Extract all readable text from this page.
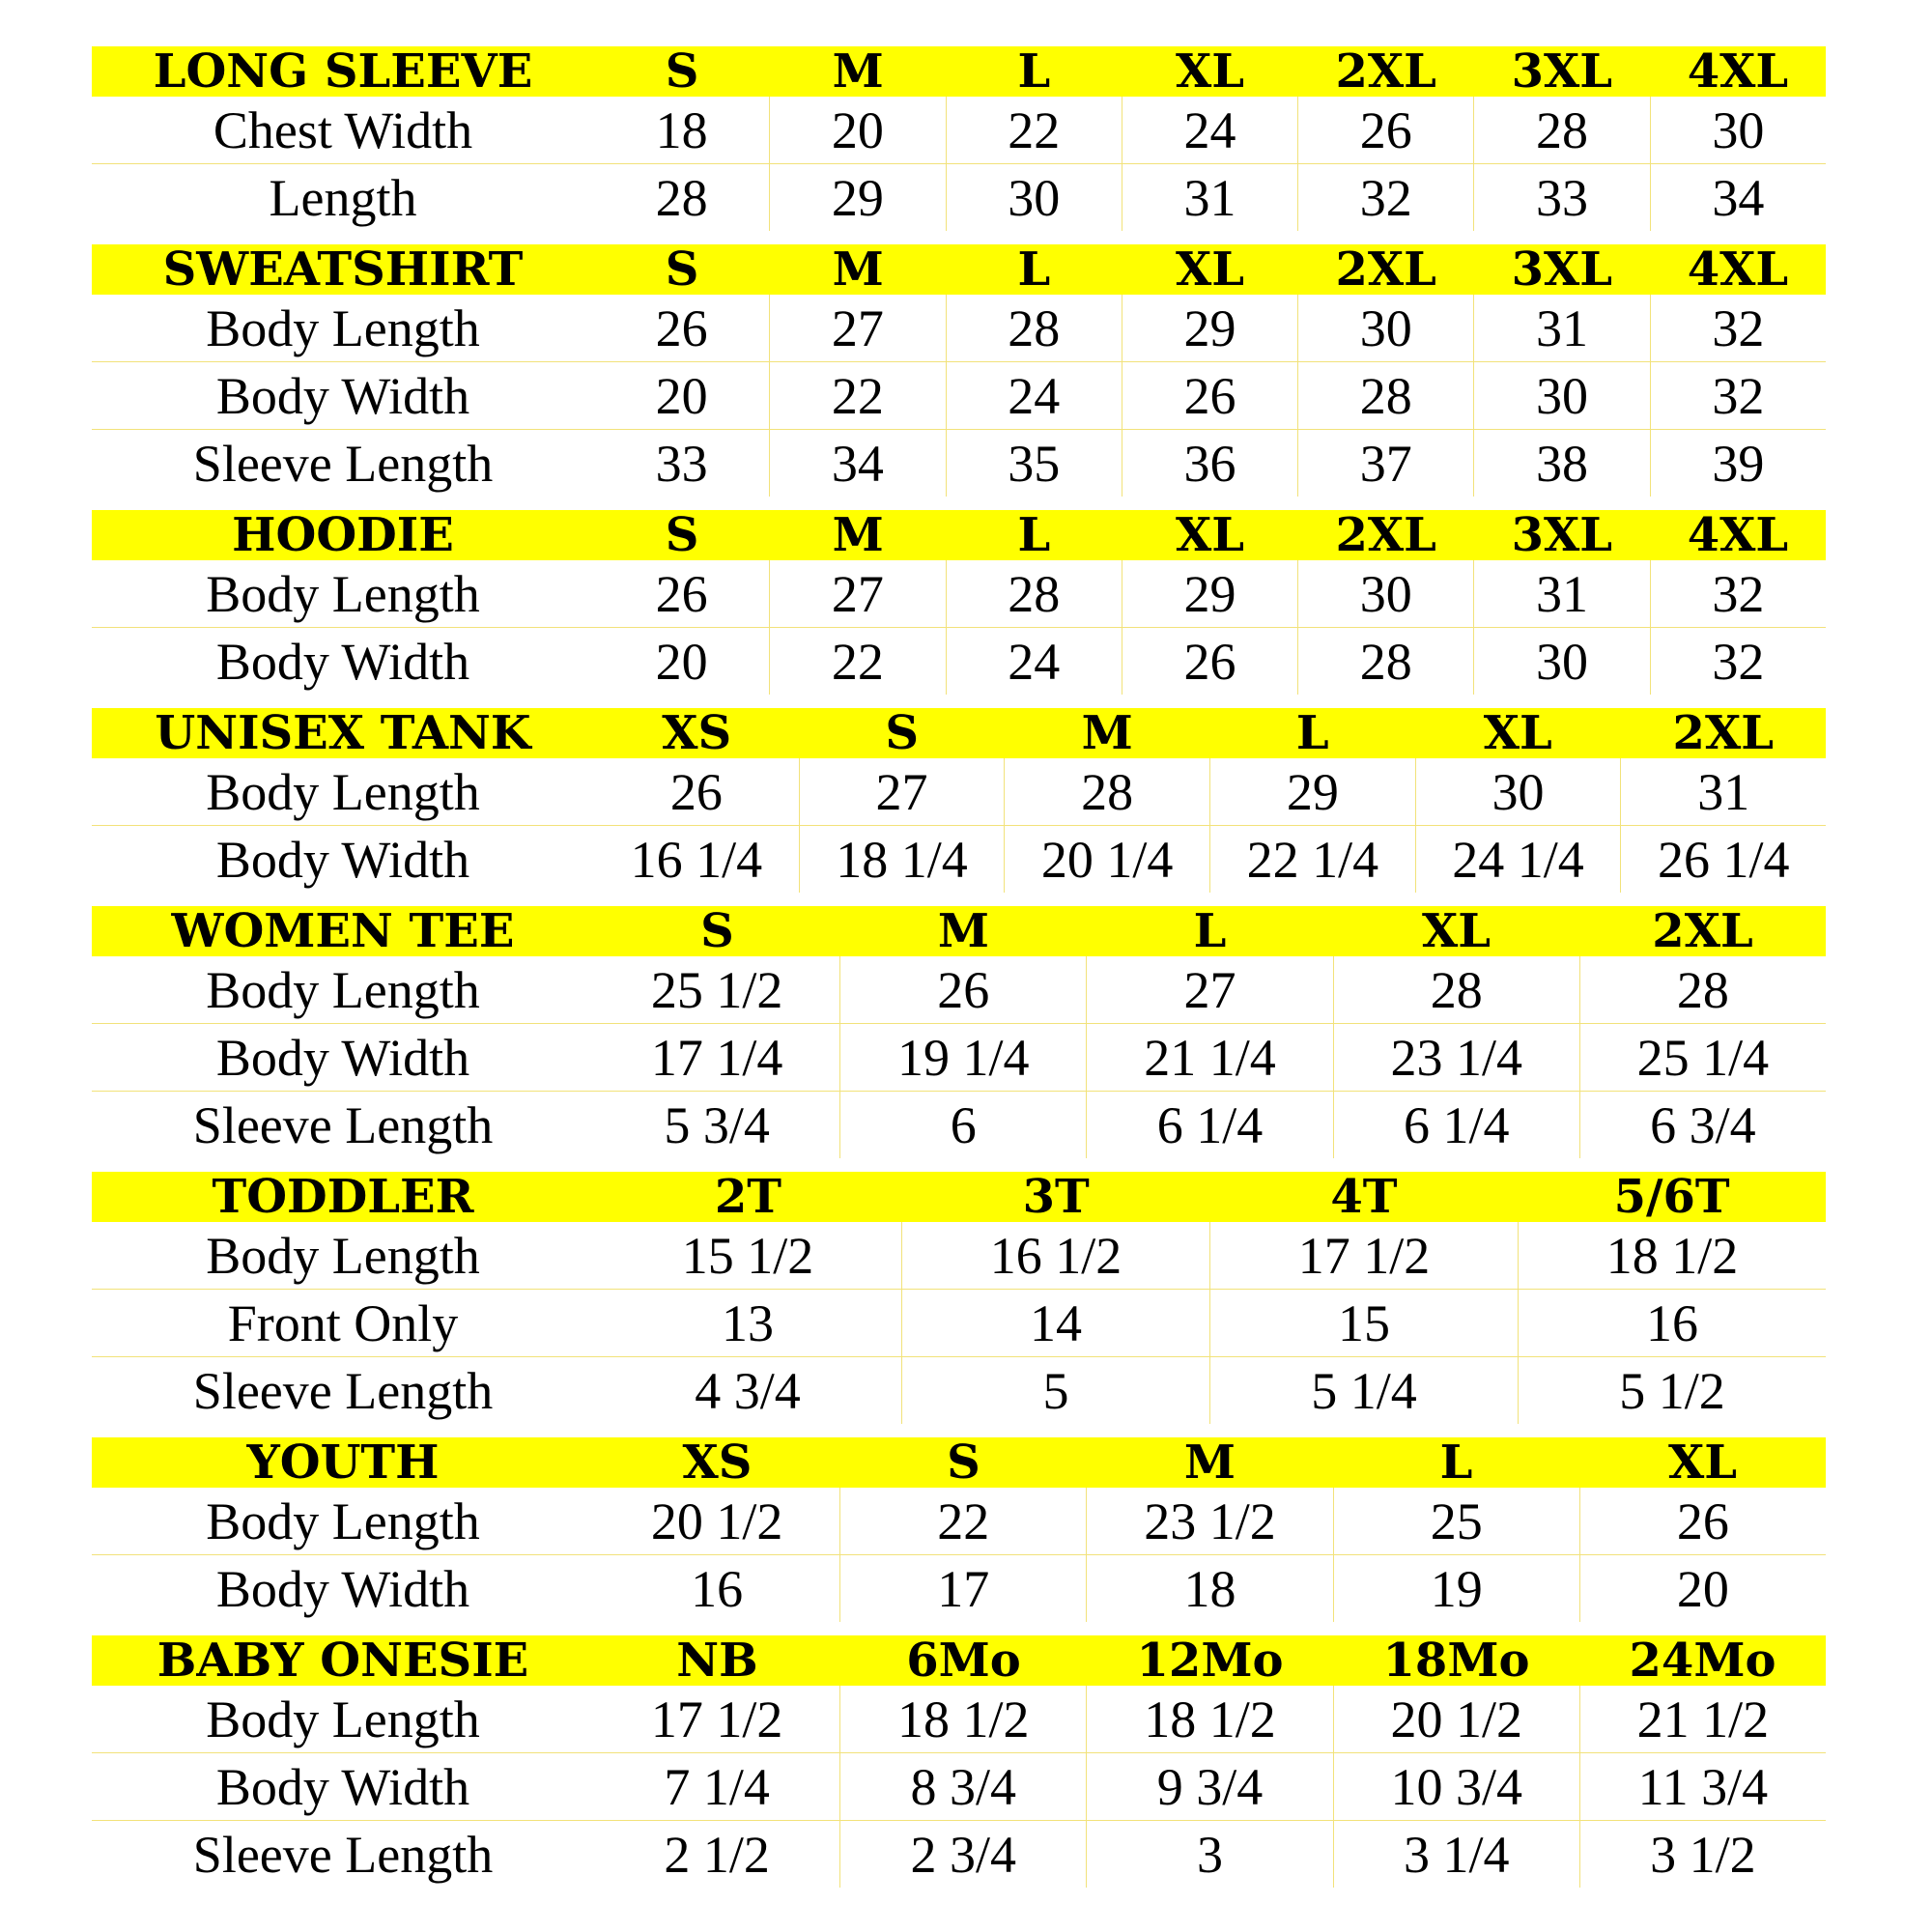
LONG SLEEVE	S	M	L	XL	2XL	3XL	4XL
Chest Width	18	20	22	24	26	28	30
Length	28	29	30	31	32	33	34
SWEATSHIRT	S	M	L	XL	2XL	3XL	4XL
Body Length	26	27	28	29	30	31	32
Body Width	20	22	24	26	28	30	32
Sleeve Length	33	34	35	36	37	38	39
HOODIE	S	M	L	XL	2XL	3XL	4XL
Body Length	26	27	28	29	30	31	32
Body Width	20	22	24	26	28	30	32
UNISEX TANK	XS	S	M	L	XL	2XL
Body Length	26	27	28	29	30	31
Body Width	16 1/4	18 1/4	20 1/4	22 1/4	24 1/4	26 1/4
WOMEN TEE	S	M	L	XL	2XL
Body Length	25 1/2	26	27	28	28
Body Width	17 1/4	19 1/4	21 1/4	23 1/4	25 1/4
Sleeve Length	5 3/4	6	6 1/4	6 1/4	6 3/4
TODDLER	2T	3T	4T	5/6T
Body Length	15 1/2	16 1/2	17 1/2	18 1/2
Front Only	13	14	15	16
Sleeve Length	4 3/4	5	5 1/4	5 1/2
YOUTH	XS	S	M	L	XL
Body Length	20 1/2	22	23 1/2	25	26
Body Width	16	17	18	19	20
BABY ONESIE	NB	6Mo	12Mo	18Mo	24Mo
Body Length	17 1/2	18 1/2	18 1/2	20 1/2	21 1/2
Body Width	7 1/4	8 3/4	9 3/4	10 3/4	11 3/4
Sleeve Length	2 1/2	2 3/4	3	3 1/4	3 1/2
